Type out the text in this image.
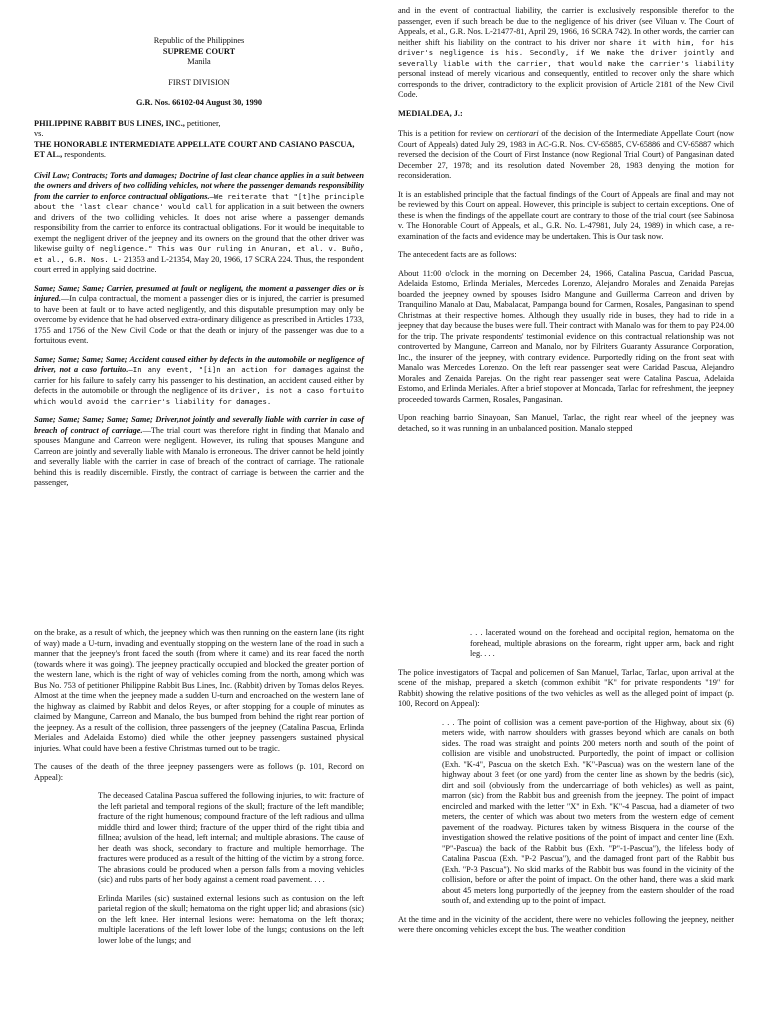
Republic of the Philippines

SUPREME COURT

Manila

FIRST DIVISION

G.R. Nos. 66102-04 August 30, 1990

PHILIPPINE RABBIT BUS LINES, INC., petitioner,

vs.

THE HONORABLE INTERMEDIATE APPELLATE COURT AND CASIANO PASCUA, ET AL., respondents.

Civil Law; Contracts; Torts and damages; Doctrine of last clear chance applies in a suit between the owners and drivers of two colliding vehicles, not where the passenger demands responsibility from the carrier to enforce contractual obligations.—We reiterate that "[t]he principle about the 'last clear chance' would call for application in a suit between the owners and drivers of the two colliding vehicles. It does not arise where a passenger demands responsibility from the carrier to enforce its contractual obligations. For it would be inequitable to exempt the negligent driver of the jeepney and its owners on the ground that the other driver was likewise guilty of negligence." This was Our ruling in Anuran, et al. v. Buño, et al., G.R. Nos. L- 21353 and L-21354, May 20, 1966, 17 SCRA 224. Thus, the respondent court erred in applying said doctrine.

Same; Same; Same; Carrier, presumed at fault or negligent, the moment a passenger dies or is injured.—In culpa contractual, the moment a passenger dies or is injured, the carrier is presumed to have been at fault or to have acted negligently, and this disputable presumption may only be overcome by evidence that he had observed extra-ordinary diligence as prescribed in Articles 1733, 1755 and 1756 of the New Civil Code or that the death or injury of the passenger was due to a fortuitous event.

Same; Same; Same; Same; Accident caused either by defects in the automobile or negligence of driver, not a caso fortuito.—In any event, "[i]n an action for damages against the carrier for his failure to safely carry his passenger to his destination, an accident caused either by defects in the automobile or through the negligence of its driver, is not a caso fortuito which would avoid the carrier's liability for damages.

Same; Same; Same; Same; Same; Driver,not jointly and severally liable with carrier in case of breach of contract of carriage.—The trial court was therefore right in finding that Manalo and spouses Mangune and Carreon were negligent. However, its ruling that spouses Mangune and Carreon are jointly and severally liable with Manalo is erroneous. The driver cannot be held jointly and severally liable with the carrier in case of breach of the contract of carriage. The rationale behind this is readily discernible. Firstly, the contract of carriage is between the carrier and the passenger,

and in the event of contractual liability, the carrier is exclusively responsible therefor to the passenger, even if such breach be due to the negligence of his driver (see Viluan v. The Court of Appeals, et al., G.R. Nos. L-21477-81, April 29, 1966, 16 SCRA 742). In other words, the carrier can neither shift his liability on the contract to his driver nor share it with him, for his driver's negligence is his. Secondly, if We make the driver jointly and severally liable with the carrier, that would make the carrier's liability personal instead of merely vicarious and consequently, entitled to recover only the share which corresponds to the driver, contradictory to the explicit provision of Article 2181 of the New Civil Code.

MEDIALDEA, J.:

This is a petition for review on certiorari of the decision of the Intermediate Appellate Court (now Court of Appeals) dated July 29, 1983 in AC-G.R. Nos. CV-65885, CV-65886 and CV-65887 which reversed the decision of the Court of First Instance (now Regional Trial Court) of Pangasinan dated December 27, 1978; and its resolution dated November 28, 1983 denying the motion for reconsideration.

It is an established principle that the factual findings of the Court of Appeals are final and may not be reviewed by this Court on appeal. However, this principle is subject to certain exceptions. One of these is when the findings of the appellate court are contrary to those of the trial court (see Sabinosa v. The Honorable Court of Appeals, et al., G.R. No. L-47981, July 24, 1989) in which case, a re-examination of the facts and evidence may be undertaken. This is Our task now.

The antecedent facts are as follows:

About 11:00 o'clock in the morning on December 24, 1966, Catalina Pascua, Caridad Pascua, Adelaida Estomo, Erlinda Meriales, Mercedes Lorenzo, Alejandro Morales and Zenaida Parejas boarded the jeepney owned by spouses Isidro Mangune and Guillerma Carreon and driven by Tranquilino Manalo at Dau, Mabalacat, Pampanga bound for Carmen, Rosales, Pangasinan to spend Christmas at their respective homes. Although they usually ride in buses, they had to ride in a jeepney that day because the buses were full. Their contract with Manalo was for them to pay P24.00 for the trip. The private respondents' testimonial evidence on this contractual relationship was not controverted by Mangune, Carreon and Manalo, nor by Filriters Guaranty Assurance Corporation, Inc., the insurer of the jeepney, with contrary evidence. Purportedly riding on the front seat with Manalo was Mercedes Lorenzo. On the left rear passenger seat were Caridad Pascua, Alejandro Morales and Zenaida Parejas. On the right rear passenger seat were Catalina Pascua, Adelaida Estomo, and Erlinda Meriales. After a brief stopover at Moncada, Tarlac for refreshment, the jeepney proceeded towards Carmen, Rosales, Pangasinan.

Upon reaching barrio Sinayoan, San Manuel, Tarlac, the right rear wheel of the jeepney was detached, so it was running in an unbalanced position. Manalo stepped

on the brake, as a result of which, the jeepney which was then running on the eastern lane (its right of way) made a U-turn, invading and eventually stopping on the western lane of the road in such a manner that the jeepney's front faced the south (from where it came) and its rear faced the north (towards where it was going). The jeepney practically occupied and blocked the greater portion of the western lane, which is the right of way of vehicles coming from the north, among which was Bus No. 753 of petitioner Philippine Rabbit Bus Lines, Inc. (Rabbit) driven by Tomas delos Reyes. Almost at the time when the jeepney made a sudden U-turn and encroached on the western lane of the highway as claimed by Rabbit and delos Reyes, or after stopping for a couple of minutes as claimed by Mangune, Carreon and Manalo, the bus bumped from behind the right rear portion of the jeepney. As a result of the collision, three passengers of the jeepney (Catalina Pascua, Erlinda Meriales and Adelaida Estomo) died while the other jeepney passengers sustained physical injuries. What could have been a festive Christmas turned out to be tragic.

The causes of the death of the three jeepney passengers were as follows (p. 101, Record on Appeal):

The deceased Catalina Pascua suffered the following injuries, to wit: fracture of the left parietal and temporal regions of the skull; fracture of the left mandible; fracture of the right humenous; compound fracture of the left radious and ullma middle third and lower third; fracture of the upper third of the right tibia and fillnea; avulsion of the head, left internal; and multiple abrasions. The cause of her death was shock, secondary to fracture and multiple hemorrhage. The fractures were produced as a result of the hitting of the victim by a strong force. The abrasions could be produced when a person falls from a moving vehicles (sic) and rubs parts of her body against a cement road pavement. . . .

Erlinda Mariles (sic) sustained external lesions such as contusion on the left parietal region of the skull; hematoma on the right upper lid; and abrasions (sic) on the left knee. Her internal lesions were: hematoma on the left thorax; multiple lacerations of the left lower lobe of the lungs; contusions on the left lower lobe of the lungs; and

. . . lacerated wound on the forehead and occipital region, hematoma on the forehead, multiple abrasions on the forearm, right upper arm, back and right leg. . . .

The police investigators of Tacpal and policemen of San Manuel, Tarlac, Tarlac, upon arrival at the scene of the mishap, prepared a sketch (common exhibit "K" for private respondents "19" for Rabbit) showing the relative positions of the two vehicles as well as the alleged point of impact (p. 100, Record on Appeal):

. . . The point of collision was a cement pave-portion of the Highway, about six (6) meters wide, with narrow shoulders with grasses beyond which are canals on both sides. The road was straight and points 200 meters north and south of the point of collision are visible and unobstructed. Purportedly, the point of impact or collision (Exh. "K-4", Pascua on the sketch Exh. "K"-Pascua) was on the western lane of the highway about 3 feet (or one yard) from the center line as shown by the bedris (sic), dirt and soil (obviously from the undercarriage of both vehicles) as well as paint, marron (sic) from the Rabbit bus and greenish from the jeepney. The point of impact encircled and marked with the letter "X" in Exh. "K"-4 Pascua, had a diameter of two meters, the center of which was about two meters from the western edge of cement pavement of the roadway. Pictures taken by witness Bisquera in the course of the investigation showed the relative positions of the point of impact and center line (Exh. "P"-Pascua) the back of the Rabbit bus (Exh. "P"-1-Pascua"), the lifeless body of Catalina Pascua (Exh. "P-2 Pascua"), and the damaged front part of the Rabbit bus (Exh. "P-3 Pascua"). No skid marks of the Rabbit bus was found in the vicinity of the collision, before or after the point of impact. On the other hand, there was a skid mark about 45 meters long purportedly of the jeepney from the eastern shoulder of the road south of, and extending up to the point of impact.

At the time and in the vicinity of the accident, there were no vehicles following the jeepney, neither were there oncoming vehicles except the bus. The weather condition
